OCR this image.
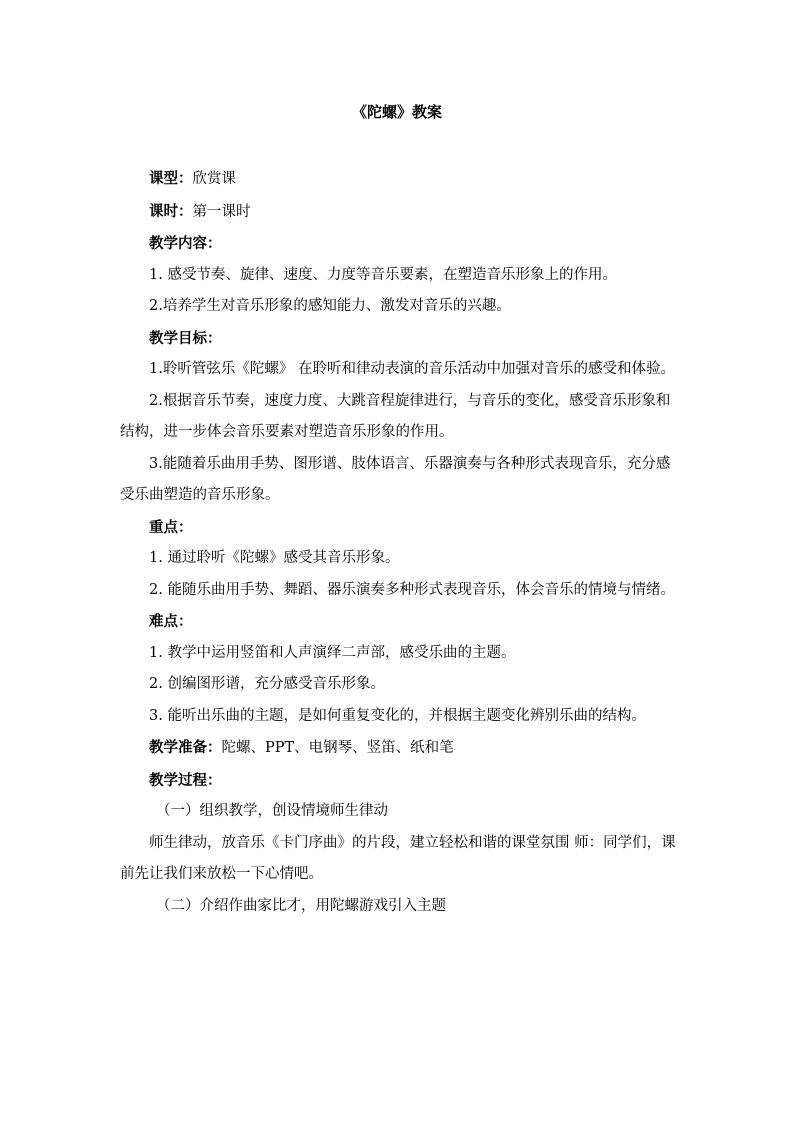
《陀螺》教案

课型：欣赏课

课时：第一课时

教学内容：

1. 感受节奏、旋律、速度、力度等音乐要素，在塑造音乐形象上的作用。

2.培养学生对音乐形象的感知能力、激发对音乐的兴趣。

教学目标：

1.聆听管弦乐《陀螺》 在聆听和律动表演的音乐活动中加强对音乐的感受和体验。

2.根据音乐节奏，速度力度、大跳音程旋律进行，与音乐的变化，感受音乐形象和结构，进一步体会音乐要素对塑造音乐形象的作用。

3.能随着乐曲用手势、图形谱、肢体语言、乐器演奏与各种形式表现音乐，充分感受乐曲塑造的音乐形象。

重点：

1. 通过聆听《陀螺》感受其音乐形象。

2. 能随乐曲用手势、舞蹈、器乐演奏多种形式表现音乐，体会音乐的情境与情绪。

难点：

1. 教学中运用竖笛和人声演绎二声部，感受乐曲的主题。

2. 创编图形谱，充分感受音乐形象。

3. 能听出乐曲的主题，是如何重复变化的，并根据主题变化辨别乐曲的结构。

教学准备：陀螺、PPT、电钢琴、竖笛、纸和笔

教学过程：

（一）组织教学，创设情境师生律动

师生律动，放音乐《卡门序曲》的片段，建立轻松和谐的课堂氛围 师：同学们，课前先让我们来放松一下心情吧。

（二）介绍作曲家比才，用陀螺游戏引入主题
